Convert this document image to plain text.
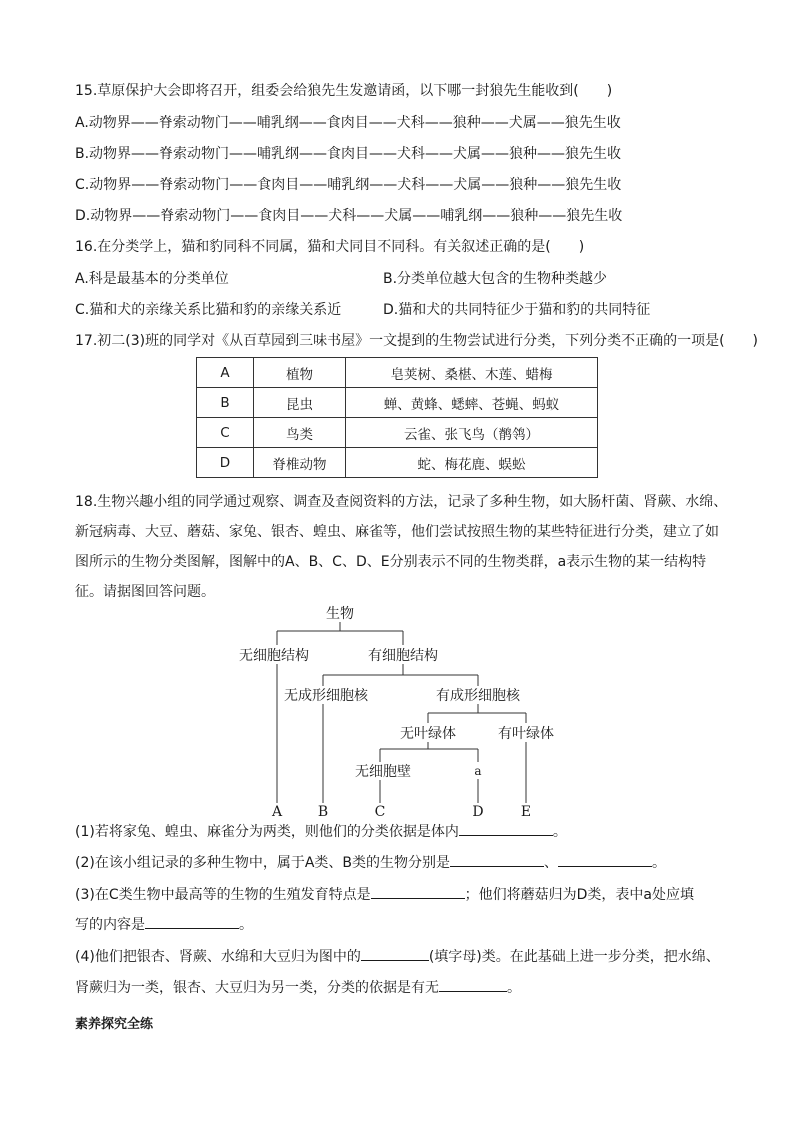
15.草原保护大会即将召开，组委会给狼先生发邀请函，以下哪一封狼先生能收到(　　)
A.动物界——脊索动物门——哺乳纲——食肉目——犬科——狼种——犬属——狼先生收
B.动物界——脊索动物门——哺乳纲——食肉目——犬科——犬属——狼种——狼先生收
C.动物界——脊索动物门——食肉目——哺乳纲——犬科——犬属——狼种——狼先生收
D.动物界——脊索动物门——食肉目——犬科——犬属——哺乳纲——狼种——狼先生收
16.在分类学上，猫和豹同科不同属，猫和犬同目不同科。有关叙述正确的是(　　)
A.科是最基本的分类单位	B.分类单位越大包含的生物种类越少
C.猫和犬的亲缘关系比猫和豹的亲缘关系近	D.猫和犬的共同特征少于猫和豹的共同特征
17.初二(3)班的同学对《从百草园到三味书屋》一文提到的生物尝试进行分类，下列分类不正确的一项是(　　)
A	植物	皂荚树、桑椹、木莲、蜡梅
B	昆虫	蝉、黄蜂、蟋蟀、苍蝇、蚂蚁
C	鸟类	云雀、张飞鸟（鹡鸰）
D	脊椎动物	蛇、梅花鹿、蜈蚣
18.生物兴趣小组的同学通过观察、调查及查阅资料的方法，记录了多种生物，如大肠杆菌、肾蕨、水绵、
新冠病毒、大豆、蘑菇、家兔、银杏、蝗虫、麻雀等，他们尝试按照生物的某些特征进行分类，建立了如
图所示的生物分类图解，图解中的A、B、C、D、E分别表示不同的生物类群，a表示生物的某一结构特
征。请据图回答问题。
生物
无细胞结构	有细胞结构
无成形细胞核	有成形细胞核
无叶绿体	有叶绿体
无细胞壁	a
A	B	C	D	E
(1)若将家兔、蝗虫、麻雀分为两类，则他们的分类依据是体内	。
(2)在该小组记录的多种生物中，属于A类、B类的生物分别是	、	。
(3)在C类生物中最高等的生物的生殖发育特点是	；他们将蘑菇归为D类，表中a处应填
写的内容是	。
(4)他们把银杏、肾蕨、水绵和大豆归为图中的	(填字母)类。在此基础上进一步分类，把水绵、
肾蕨归为一类，银杏、大豆归为另一类，分类的依据是有无	。
素养探究全练
